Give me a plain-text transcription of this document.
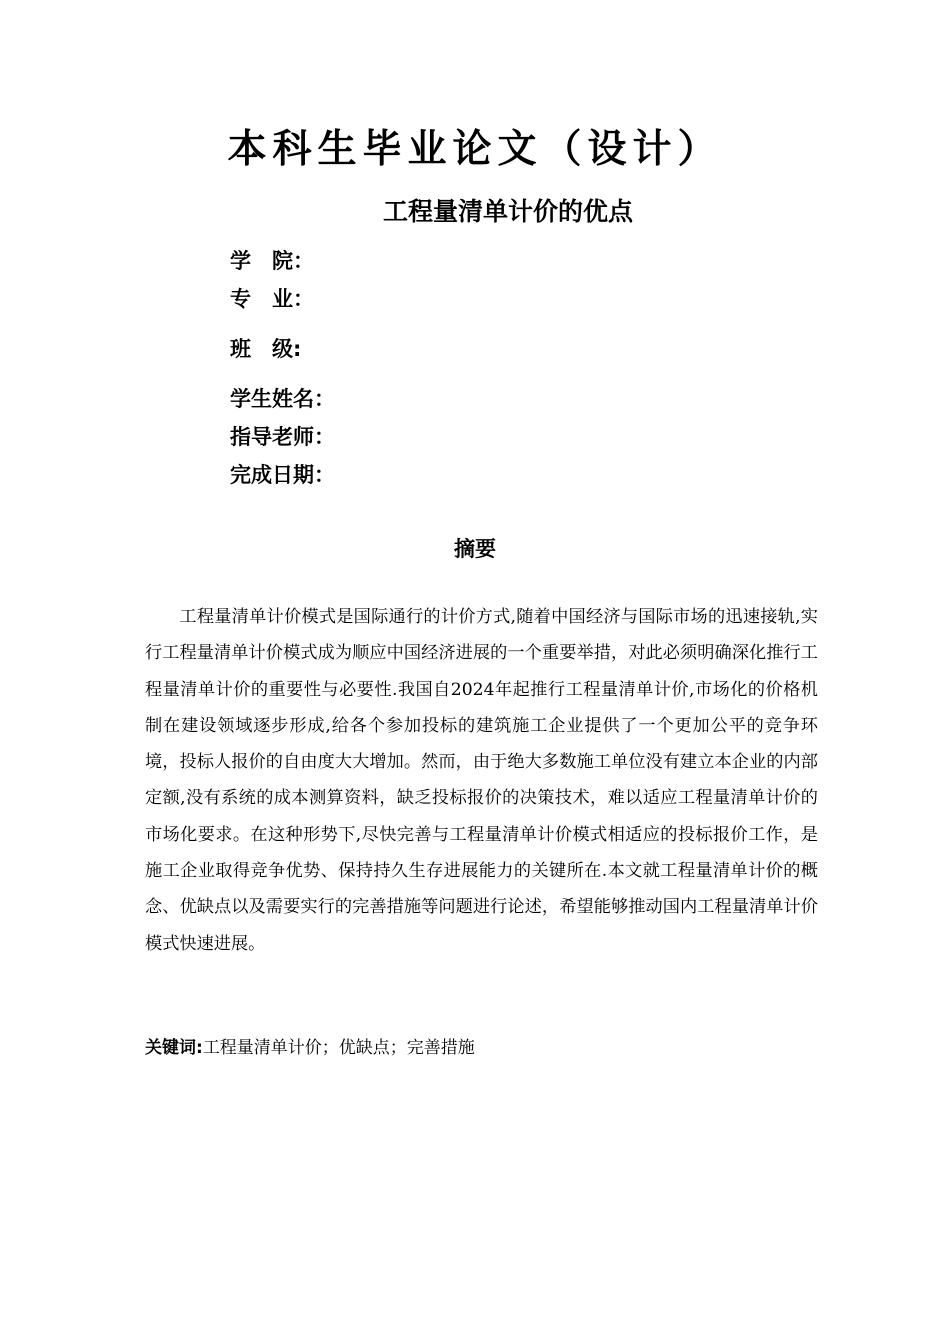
本科生毕业论文（设计）
工程量清单计价的优点
学　院：
专　业：
班　级:
学生姓名：
指导老师：
完成日期：
摘要

工程量清单计价模式是国际通行的计价方式,随着中国经济与国际市场的迅速接轨,实行工程量清单计价模式成为顺应中国经济进展的一个重要举措，对此必须明确深化推行工程量清单计价的重要性与必要性.我国自2024年起推行工程量清单计价,市场化的价格机制在建设领域逐步形成,给各个参加投标的建筑施工企业提供了一个更加公平的竞争环境，投标人报价的自由度大大增加。然而，由于绝大多数施工单位没有建立本企业的内部定额,没有系统的成本测算资料，缺乏投标报价的决策技术，难以适应工程量清单计价的市场化要求。在这种形势下,尽快完善与工程量清单计价模式相适应的投标报价工作，是施工企业取得竞争优势、保持持久生存进展能力的关键所在.本文就工程量清单计价的概念、优缺点以及需要实行的完善措施等问题进行论述，希望能够推动国内工程量清单计价模式快速进展。

关键词:工程量清单计价；优缺点；完善措施
